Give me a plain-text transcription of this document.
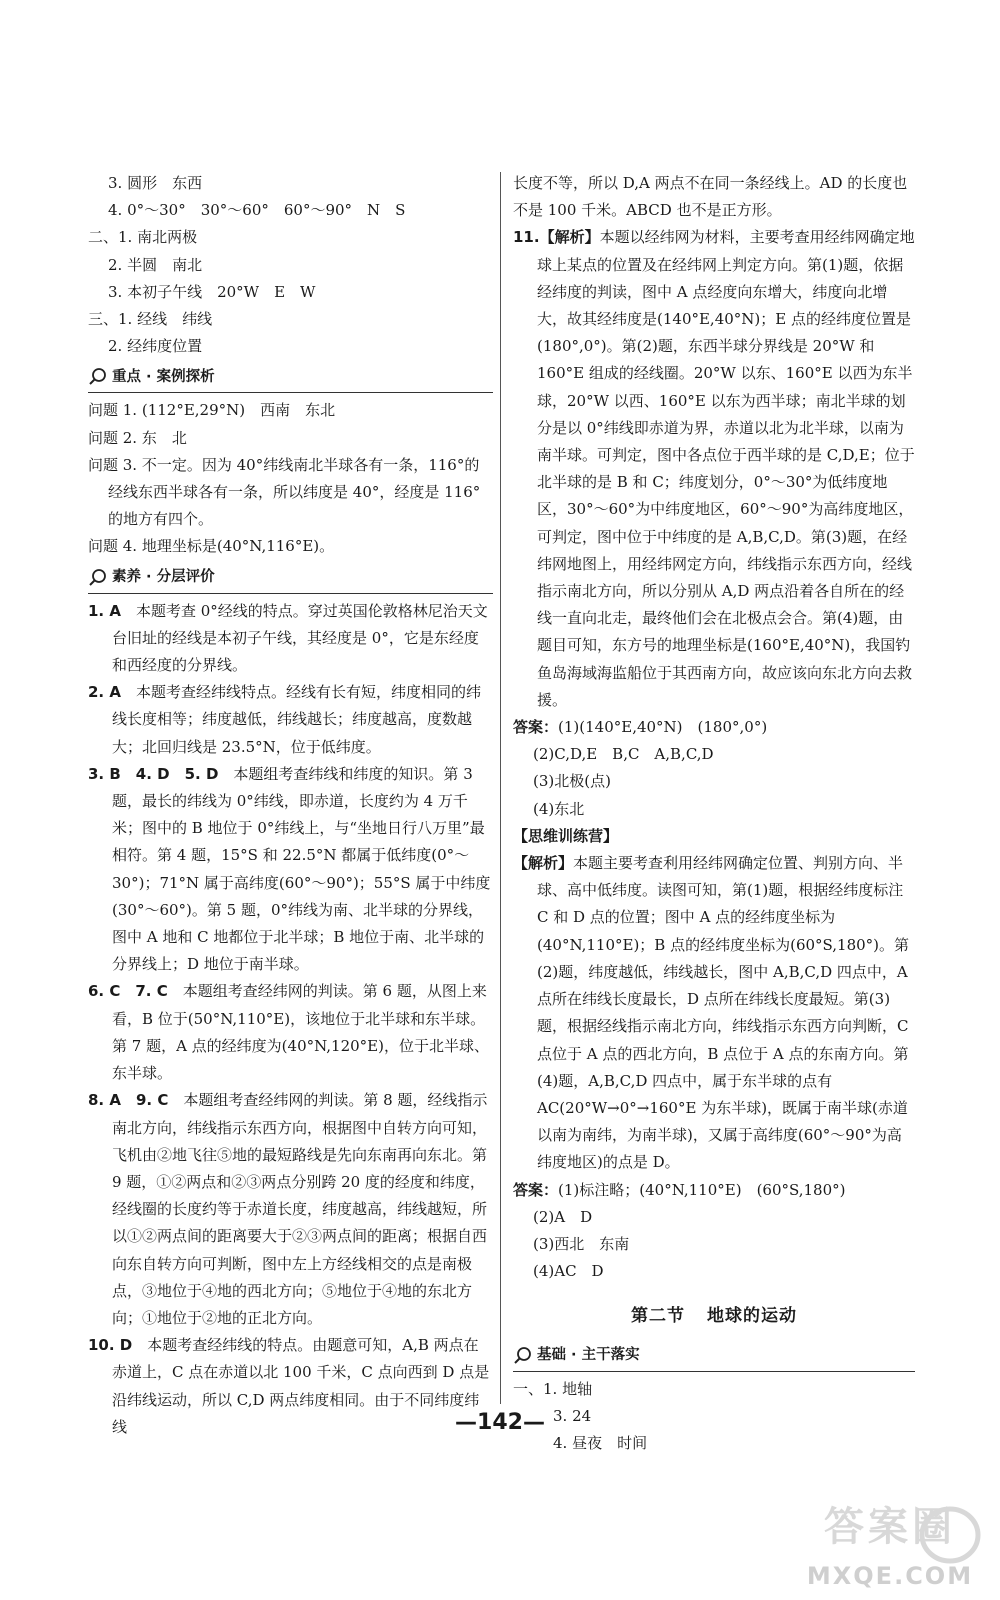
3. 圆形　东西

4. 0°～30°　30°～60°　60°～90°　N　S

二、1. 南北两极

2. 半圆　南北

3. 本初子午线　20°W　E　W

三、1. 经线　纬线

2. 经纬度位置

重点 · 案例探析

问题 1. (112°E,29°N)　西南　东北

问题 2. 东　北

问题 3. 不一定。因为 40°纬线南北半球各有一条，116°的经线东西半球各有一条，所以纬度是 40°，经度是 116°的地方有四个。

问题 4. 地理坐标是(40°N,116°E)。

素养 · 分层评价

1. A　本题考查 0°经线的特点。穿过英国伦敦格林尼治天文台旧址的经线是本初子午线，其经度是 0°，它是东经度和西经度的分界线。

2. A　本题考查经纬线特点。经线有长有短，纬度相同的纬线长度相等；纬度越低，纬线越长；纬度越高，度数越大；北回归线是 23.5°N，位于低纬度。

3. B　4. D　5. D　本题组考查纬线和纬度的知识。第 3 题，最长的纬线为 0°纬线，即赤道，长度约为 4 万千米；图中的 B 地位于 0°纬线上，与“坐地日行八万里”最相符。第 4 题，15°S 和 22.5°N 都属于低纬度(0°～30°)；71°N 属于高纬度(60°～90°)；55°S 属于中纬度(30°～60°)。第 5 题，0°纬线为南、北半球的分界线，图中 A 地和 C 地都位于北半球；B 地位于南、北半球的分界线上；D 地位于南半球。

6. C　7. C　本题组考查经纬网的判读。第 6 题，从图上来看，B 位于(50°N,110°E)，该地位于北半球和东半球。第 7 题，A 点的经纬度为(40°N,120°E)，位于北半球、东半球。

8. A　9. C　本题组考查经纬网的判读。第 8 题，经线指示南北方向，纬线指示东西方向，根据图中自转方向可知，飞机由②地飞往⑤地的最短路线是先向东南再向东北。第 9 题，①②两点和②③两点分别跨 20 度的经度和纬度，经线圈的长度约等于赤道长度，纬度越高，纬线越短，所以①②两点间的距离要大于②③两点间的距离；根据自西向东自转方向可判断，图中左上方经线相交的点是南极点，③地位于④地的西北方向；⑤地位于④地的东北方向；①地位于②地的正北方向。

10. D　本题考查经纬线的特点。由题意可知，A,B 两点在赤道上，C 点在赤道以北 100 千米，C 点向西到 D 点是沿纬线运动，所以 C,D 两点纬度相同。由于不同纬度纬线

长度不等，所以 D,A 两点不在同一条经线上。AD 的长度也不是 100 千米。ABCD 也不是正方形。

11.【解析】本题以经纬网为材料，主要考查用经纬网确定地球上某点的位置及在经纬网上判定方向。第(1)题，依据经纬度的判读，图中 A 点经度向东增大，纬度向北增大，故其经纬度是(140°E,40°N)；E 点的经纬度位置是(180°,0°)。第(2)题，东西半球分界线是 20°W 和 160°E 组成的经线圈。20°W 以东、160°E 以西为东半球，20°W 以西、160°E 以东为西半球；南北半球的划分是以 0°纬线即赤道为界，赤道以北为北半球，以南为南半球。可判定，图中各点位于西半球的是 C,D,E；位于北半球的是 B 和 C；纬度划分，0°～30°为低纬度地区，30°～60°为中纬度地区，60°～90°为高纬度地区，可判定，图中位于中纬度的是 A,B,C,D。第(3)题，在经纬网地图上，用经纬网定方向，纬线指示东西方向，经线指示南北方向，所以分别从 A,D 两点沿着各自所在的经线一直向北走，最终他们会在北极点会合。第(4)题，由题目可知，东方号的地理坐标是(160°E,40°N)，我国钓鱼岛海域海监船位于其西南方向，故应该向东北方向去救援。

答案：(1)(140°E,40°N)　(180°,0°)

(2)C,D,E　B,C　A,B,C,D

(3)北极(点)

(4)东北

【思维训练营】

【解析】本题主要考查利用经纬网确定位置、判别方向、半球、高中低纬度。读图可知，第(1)题，根据经纬度标注 C 和 D 点的位置；图中 A 点的经纬度坐标为(40°N,110°E)；B 点的经纬度坐标为(60°S,180°)。第(2)题，纬度越低，纬线越长，图中 A,B,C,D 四点中，A 点所在纬线长度最长，D 点所在纬线长度最短。第(3)题，根据经线指示南北方向，纬线指示东西方向判断，C 点位于 A 点的西北方向，B 点位于 A 点的东南方向。第(4)题，A,B,C,D 四点中，属于东半球的点有 AC(20°W→0°→160°E 为东半球)，既属于南半球(赤道以南为南纬，为南半球)，又属于高纬度(60°～90°为高纬度地区)的点是 D。

答案：(1)标注略；(40°N,110°E)　(60°S,180°)

(2)A　D

(3)西北　东南

(4)AC　D

第二节 地球的运动
基础 · 主干落实

一、1. 地轴

3. 24

4. 昼夜　时间

—142—
答案圈
MXQE.COM
